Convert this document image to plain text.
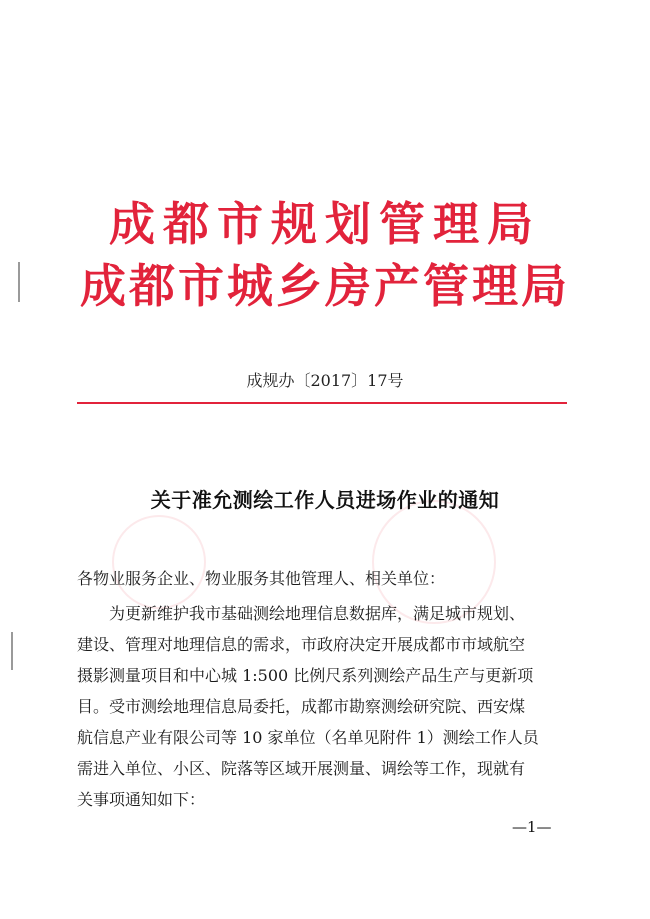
成都市规划管理局
成都市城乡房产管理局
成规办〔2017〕17号
关于准允测绘工作人员进场作业的通知
各物业服务企业、物业服务其他管理人、相关单位：
为更新维护我市基础测绘地理信息数据库，满足城市规划、
建设、管理对地理信息的需求，市政府决定开展成都市市域航空
摄影测量项目和中心城 1:500 比例尺系列测绘产品生产与更新项
目。受市测绘地理信息局委托，成都市勘察测绘研究院、西安煤
航信息产业有限公司等 10 家单位（名单见附件 1）测绘工作人员
需进入单位、小区、院落等区域开展测量、调绘等工作，现就有
关事项通知如下：
—1—
